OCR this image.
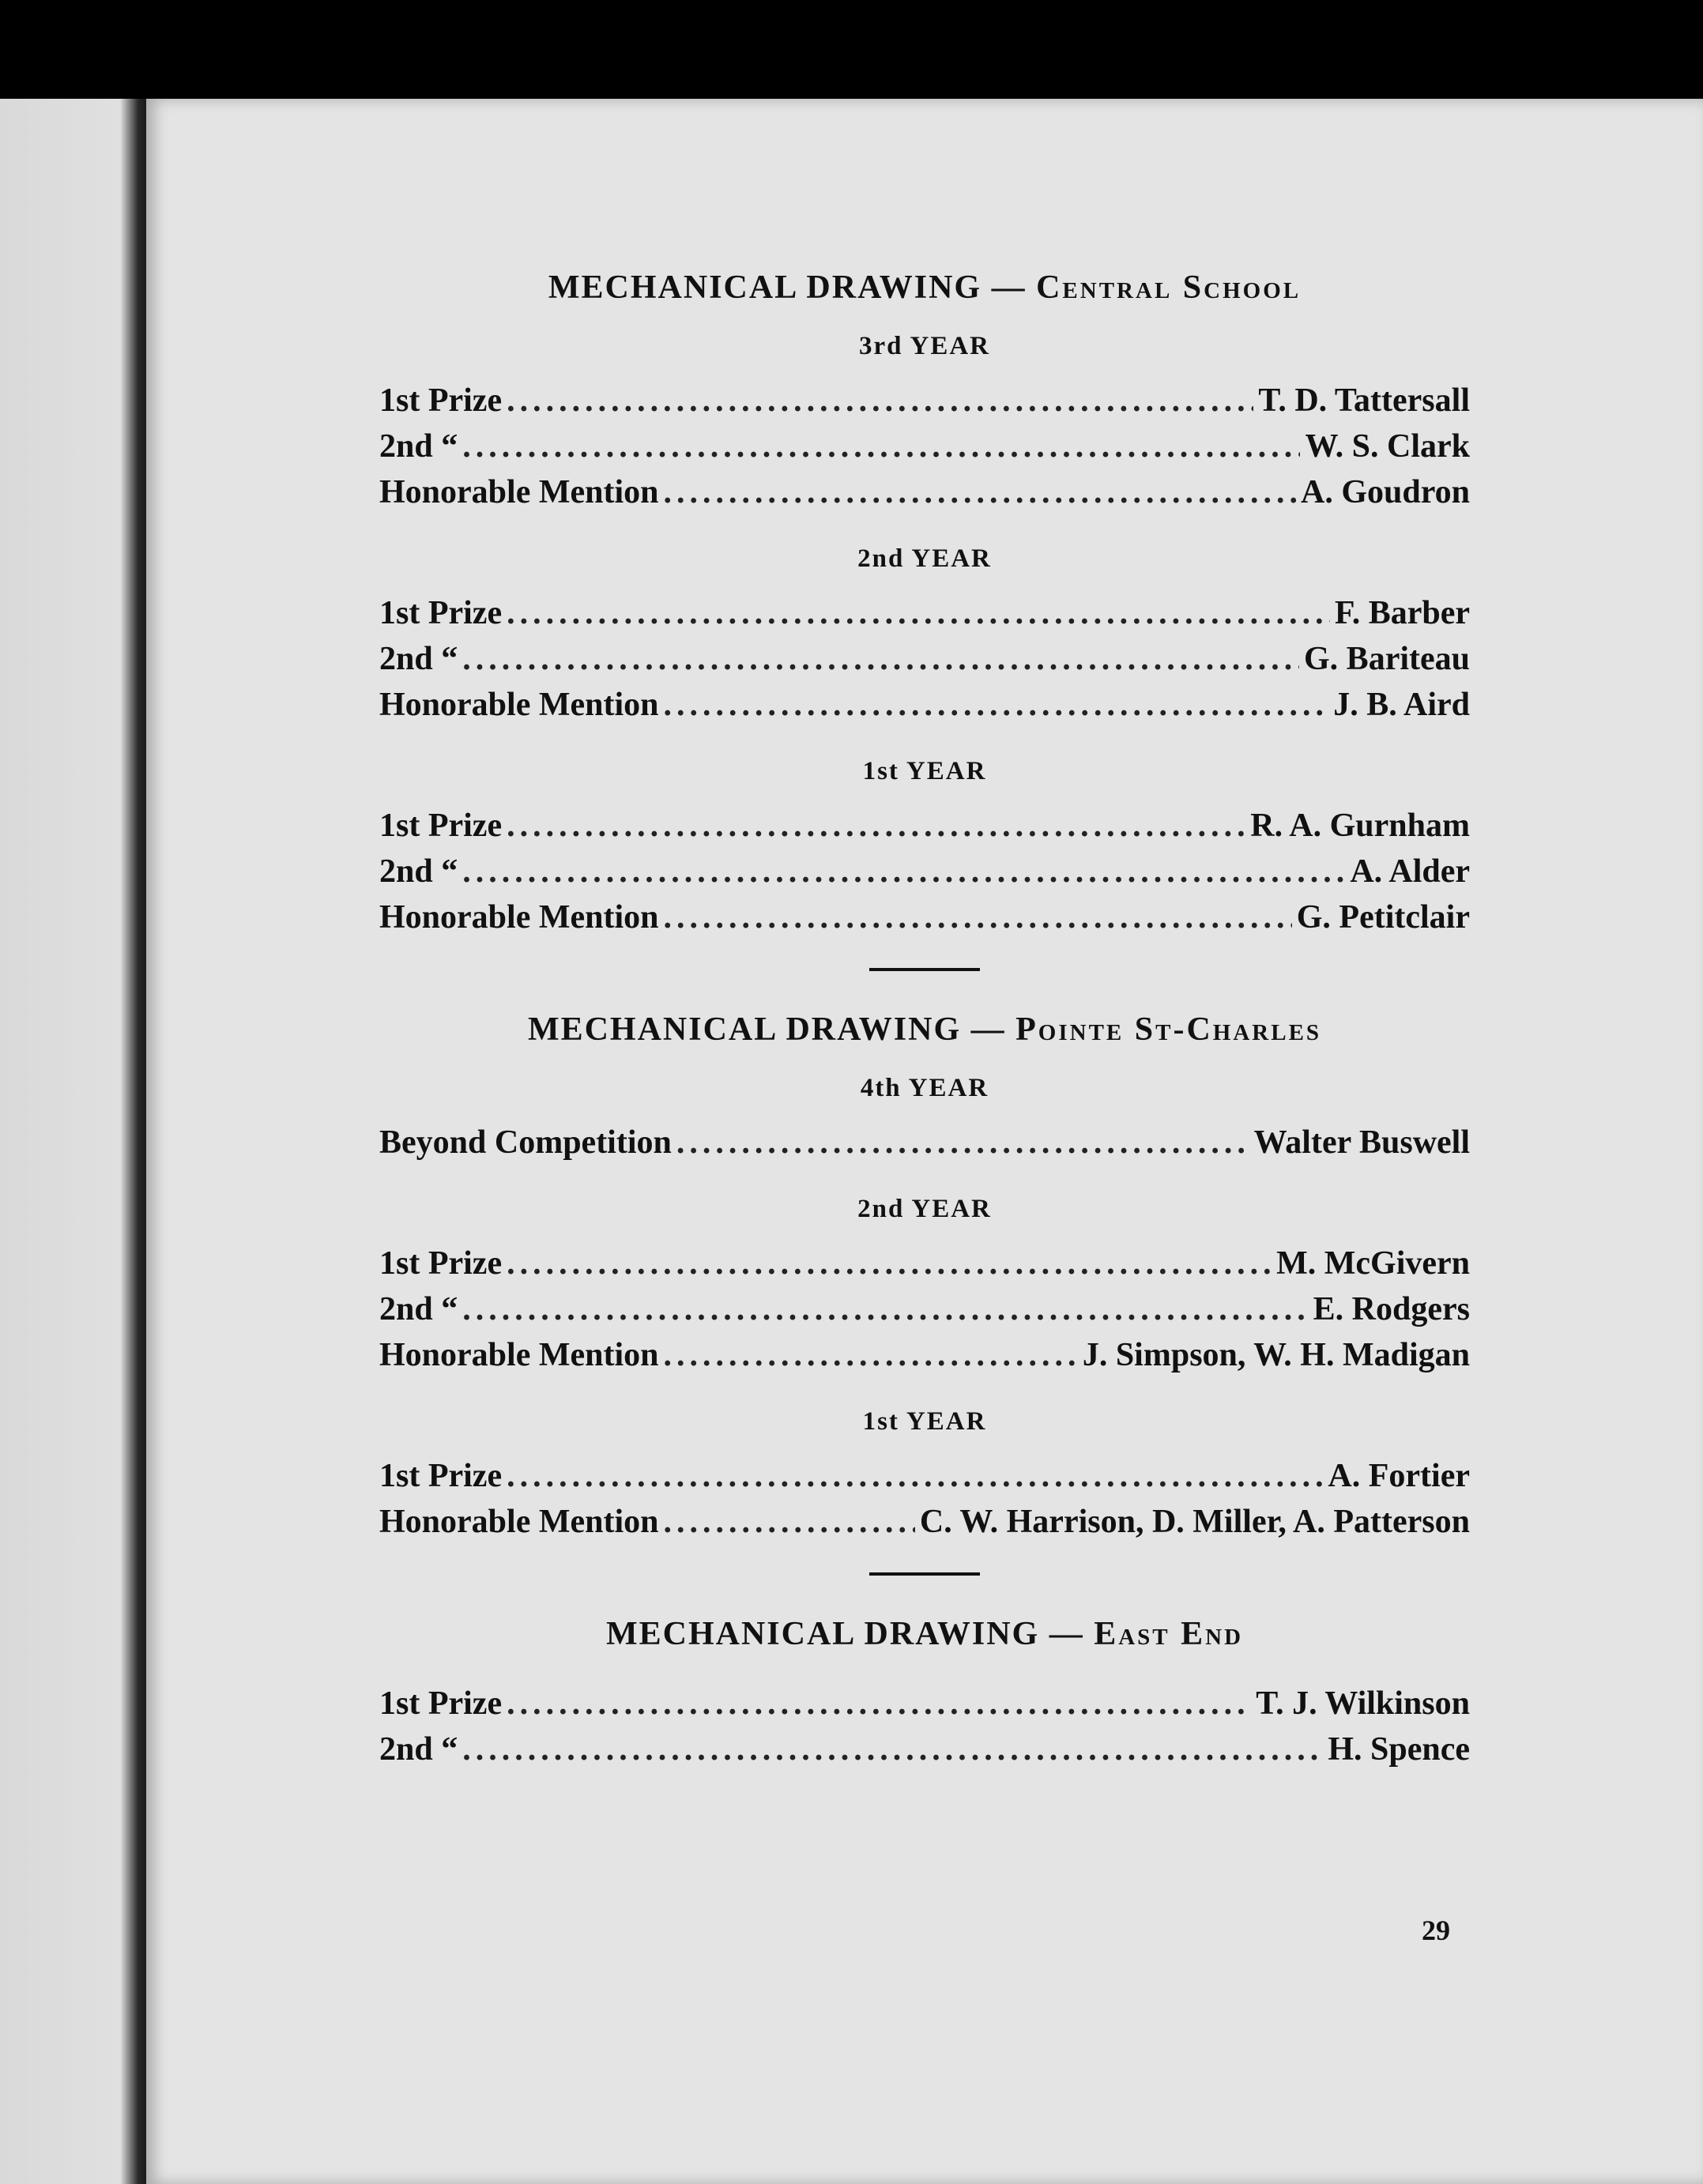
29
MECHANICAL DRAWING — Central School
3rd YEAR
1st Prize .....	T. D. Tattersall
2nd “ .....	W. S. Clark
Honorable Mention .....	A. Goudron
2nd YEAR
1st Prize .....	F. Barber
2nd “ .....	G. Bariteau
Honorable Mention .....	J. B. Aird
1st YEAR
1st Prize .....	R. A. Gurnham
2nd “ .....	A. Alder
Honorable Mention .....	G. Petitclair
MECHANICAL DRAWING — Pointe St-Charles
4th YEAR
Beyond Competition .....	Walter Buswell
2nd YEAR
1st Prize .....	M. McGivern
2nd “ .....	E. Rodgers
Honorable Mention .....	J. Simpson, W. H. Madigan
1st YEAR
1st Prize .....	A. Fortier
Honorable Mention .....	C. W. Harrison, D. Miller, A. Patterson
MECHANICAL DRAWING — East End
1st Prize .....	T. J. Wilkinson
2nd “ .....	H. Spence
